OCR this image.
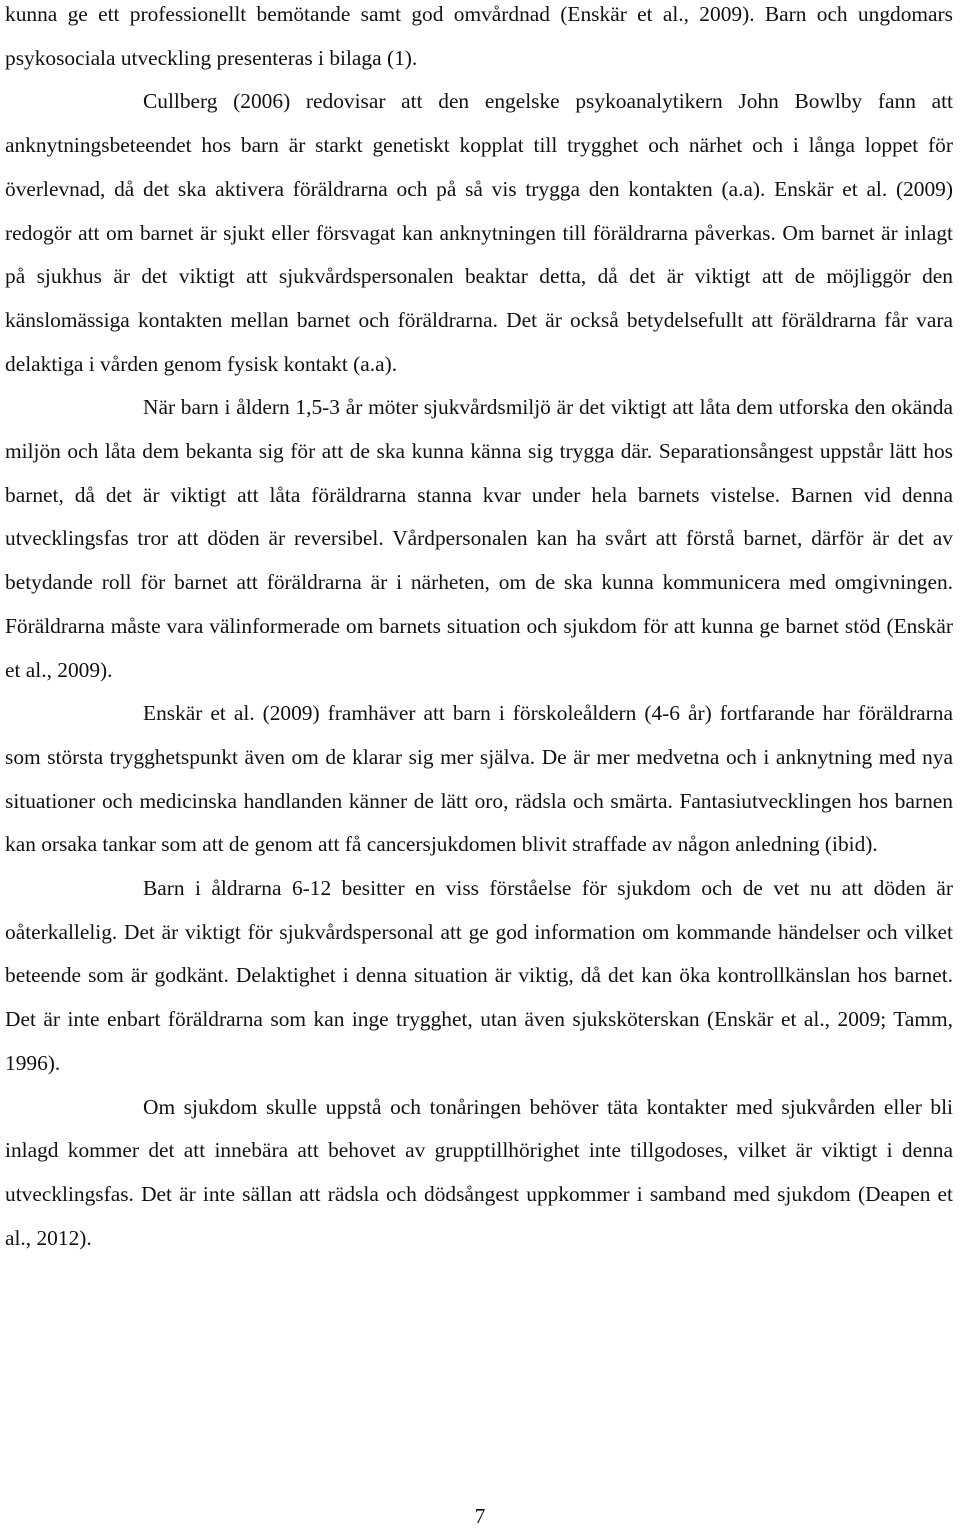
kunna ge ett professionellt bemötande samt god omvårdnad (Enskär et al., 2009). Barn och ungdomars psykosociala utveckling presenteras i bilaga (1).

Cullberg (2006) redovisar att den engelske psykoanalytikern John Bowlby fann att anknytningsbeteendet hos barn är starkt genetiskt kopplat till trygghet och närhet och i långa loppet för överlevnad, då det ska aktivera föräldrarna och på så vis trygga den kontakten (a.a). Enskär et al. (2009) redogör att om barnet är sjukt eller försvagat kan anknytningen till föräldrarna påverkas. Om barnet är inlagt på sjukhus är det viktigt att sjukvårdspersonalen beaktar detta, då det är viktigt att de möjliggör den känslomässiga kontakten mellan barnet och föräldrarna. Det är också betydelsefullt att föräldrarna får vara delaktiga i vården genom fysisk kontakt (a.a).

När barn i åldern 1,5-3 år möter sjukvårdsmiljö är det viktigt att låta dem utforska den okända miljön och låta dem bekanta sig för att de ska kunna känna sig trygga där. Separationsångest uppstår lätt hos barnet, då det är viktigt att låta föräldrarna stanna kvar under hela barnets vistelse. Barnen vid denna utvecklingsfas tror att döden är reversibel. Vårdpersonalen kan ha svårt att förstå barnet, därför är det av betydande roll för barnet att föräldrarna är i närheten, om de ska kunna kommunicera med omgivningen. Föräldrarna måste vara välinformerade om barnets situation och sjukdom för att kunna ge barnet stöd (Enskär et al., 2009).

Enskär et al. (2009) framhäver att barn i förskoleåldern (4-6 år) fortfarande har föräldrarna som största trygghetspunkt även om de klarar sig mer själva. De är mer medvetna och i anknytning med nya situationer och medicinska handlanden känner de lätt oro, rädsla och smärta. Fantasiutvecklingen hos barnen kan orsaka tankar som att de genom att få cancersjukdomen blivit straffade av någon anledning (ibid).

Barn i åldrarna 6-12 besitter en viss förståelse för sjukdom och de vet nu att döden är oåterkallelig. Det är viktigt för sjukvårdspersonal att ge god information om kommande händelser och vilket beteende som är godkänt. Delaktighet i denna situation är viktig, då det kan öka kontrollkänslan hos barnet. Det är inte enbart föräldrarna som kan inge trygghet, utan även sjuksköterskan (Enskär et al., 2009; Tamm, 1996).

Om sjukdom skulle uppstå och tonåringen behöver täta kontakter med sjukvården eller bli inlagd kommer det att innebära att behovet av grupptillhörighet inte tillgodoses, vilket är viktigt i denna utvecklingsfas. Det är inte sällan att rädsla och dödsångest uppkommer i samband med sjukdom (Deapen et al., 2012).

7
